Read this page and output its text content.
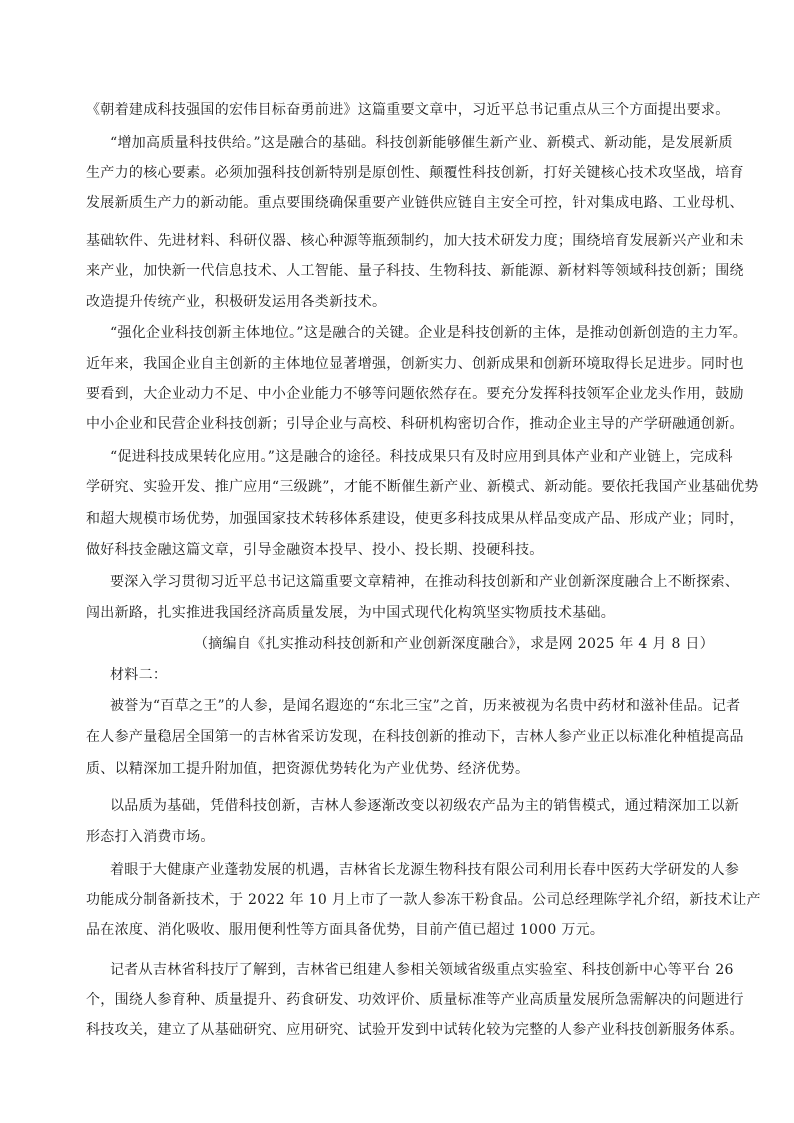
《朝着建成科技强国的宏伟目标奋勇前进》这篇重要文章中，习近平总书记重点从三个方面提出要求。
“增加高质量科技供给。”这是融合的基础。科技创新能够催生新产业、新模式、新动能，是发展新质
生产力的核心要素。必须加强科技创新特别是原创性、颠覆性科技创新，打好关键核心技术攻坚战，培育
发展新质生产力的新动能。重点要围绕确保重要产业链供应链自主安全可控，针对集成电路、工业母机、
基础软件、先进材料、科研仪器、核心种源等瓶颈制约，加大技术研发力度；围绕培育发展新兴产业和未
来产业，加快新一代信息技术、人工智能、量子科技、生物科技、新能源、新材料等领域科技创新；围绕
改造提升传统产业，积极研发运用各类新技术。
“强化企业科技创新主体地位。”这是融合的关键。企业是科技创新的主体，是推动创新创造的主力军。
近年来，我国企业自主创新的主体地位显著增强，创新实力、创新成果和创新环境取得长足进步。同时也
要看到，大企业动力不足、中小企业能力不够等问题依然存在。要充分发挥科技领军企业龙头作用，鼓励
中小企业和民营企业科技创新；引导企业与高校、科研机构密切合作，推动企业主导的产学研融通创新。
“促进科技成果转化应用。”这是融合的途径。科技成果只有及时应用到具体产业和产业链上，完成科
学研究、实验开发、推广应用“三级跳”，才能不断催生新产业、新模式、新动能。要依托我国产业基础优势
和超大规模市场优势，加强国家技术转移体系建设，使更多科技成果从样品变成产品、形成产业；同时，
做好科技金融这篇文章，引导金融资本投早、投小、投长期、投硬科技。
要深入学习贯彻习近平总书记这篇重要文章精神，在推动科技创新和产业创新深度融合上不断探索、
闯出新路，扎实推进我国经济高质量发展，为中国式现代化构筑坚实物质技术基础。
（摘编自《扎实推动科技创新和产业创新深度融合》，求是网 2025 年 4 月 8 日）
材料二：
被誉为“百草之王”的人参，是闻名遐迩的“东北三宝”之首，历来被视为名贵中药材和滋补佳品。记者
在人参产量稳居全国第一的吉林省采访发现，在科技创新的推动下，吉林人参产业正以标准化种植提高品
质、以精深加工提升附加值，把资源优势转化为产业优势、经济优势。
以品质为基础，凭借科技创新，吉林人参逐渐改变以初级农产品为主的销售模式，通过精深加工以新
形态打入消费市场。
着眼于大健康产业蓬勃发展的机遇，吉林省长龙源生物科技有限公司利用长春中医药大学研发的人参
功能成分制备新技术，于 2022 年 10 月上市了一款人参冻干粉食品。公司总经理陈学礼介绍，新技术让产
品在浓度、消化吸收、服用便利性等方面具备优势，目前产值已超过 1000 万元。
记者从吉林省科技厅了解到，吉林省已组建人参相关领域省级重点实验室、科技创新中心等平台 26
个，围绕人参育种、质量提升、药食研发、功效评价、质量标准等产业高质量发展所急需解决的问题进行
科技攻关，建立了从基础研究、应用研究、试验开发到中试转化较为完整的人参产业科技创新服务体系。
